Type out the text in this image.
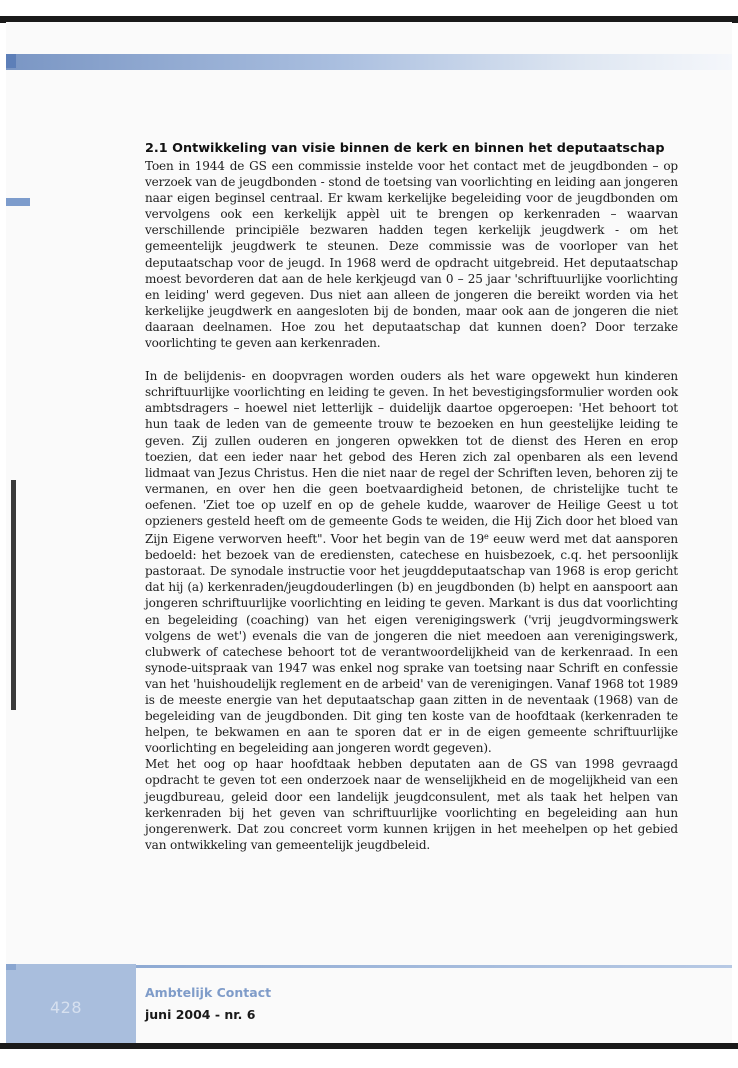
428
2.1 Ontwikkeling van visie binnen de kerk en binnen het deputaatschap

Toen in 1944 de GS een commissie instelde voor het contact met de jeugdbonden – op verzoek van de jeugdbonden - stond de toetsing van voorlichting en leiding aan jongeren naar eigen beginsel centraal. Er kwam kerkelijke begeleiding voor de jeugdbonden om vervolgens ook een kerkelijk appèl uit te brengen op kerkenraden – waarvan verschillende principiële bezwaren hadden tegen kerkelijk jeugdwerk - om het gemeentelijk jeugdwerk te steunen. Deze commissie was de voorloper van het deputaatschap voor de jeugd. In 1968 werd de opdracht uitgebreid. Het deputaatschap moest bevorderen dat aan de hele kerkjeugd van 0 – 25 jaar 'schriftuurlijke voorlichting en leiding' werd gegeven. Dus niet aan alleen de jongeren die bereikt worden via het kerkelijke jeugdwerk en aangesloten bij de bonden, maar ook aan de jongeren die niet daaraan deelnamen. Hoe zou het deputaatschap dat kunnen doen? Door terzake voorlichting te geven aan kerkenraden.

In de belijdenis- en doopvragen worden ouders als het ware opgewekt hun kinderen schriftuurlijke voorlichting en leiding te geven. In het bevestigingsformulier worden ook ambtsdragers – hoewel niet letterlijk – duidelijk daartoe opgeroepen: 'Het behoort tot hun taak de leden van de gemeente trouw te bezoeken en hun geestelijke leiding te geven. Zij zullen ouderen en jongeren opwekken tot de dienst des Heren en erop toezien, dat een ieder naar het gebod des Heren zich zal openbaren als een levend lidmaat van Jezus Christus. Hen die niet naar de regel der Schriften leven, behoren zij te vermanen, en over hen die geen boetvaardigheid betonen, de christelijke tucht te oefenen. 'Ziet toe op uzelf en op de gehele kudde, waarover de Heilige Geest u tot opzieners gesteld heeft om de gemeente Gods te weiden, die Hij Zich door het bloed van Zijn Eigene verworven heeft". Voor het begin van de 19e eeuw werd met dat aansporen bedoeld: het bezoek van de erediensten, catechese en huisbezoek, c.q. het persoonlijk pastoraat. De synodale instructie voor het jeugddeputaatschap van 1968 is erop gericht dat hij (a) kerkenraden/jeugdouderlingen (b) en jeugdbonden (b) helpt en aanspoort aan jongeren schriftuurlijke voorlichting en leiding te geven. Markant is dus dat voorlichting en begeleiding (coaching) van het eigen verenigingswerk ('vrij jeugdvormingswerk volgens de wet') evenals die van de jongeren die niet meedoen aan verenigingswerk, clubwerk of catechese behoort tot de verantwoordelijkheid van de kerkenraad. In een synode-uitspraak van 1947 was enkel nog sprake van toetsing naar Schrift en confessie van het 'huishoudelijk reglement en de arbeid' van de verenigingen. Vanaf 1968 tot 1989 is de meeste energie van het deputaatschap gaan zitten in de neventaak (1968) van de begeleiding van de jeugdbonden. Dit ging ten koste van de hoofdtaak (kerkenraden te helpen, te bekwamen en aan te sporen dat er in de eigen gemeente schriftuurlijke voorlichting en begeleiding aan jongeren wordt gegeven).

Met het oog op haar hoofdtaak hebben deputaten aan de GS van 1998 gevraagd opdracht te geven tot een onderzoek naar de wenselijkheid en de mogelijkheid van een jeugdbureau, geleid door een landelijk jeugdconsulent, met als taak het helpen van kerkenraden bij het geven van schriftuurlijke voorlichting en begeleiding aan hun jongerenwerk. Dat zou concreet vorm kunnen krijgen in het meehelpen op het gebied van ontwikkeling van gemeentelijk jeugdbeleid.

Ambtelijk Contact
juni 2004 - nr. 6
